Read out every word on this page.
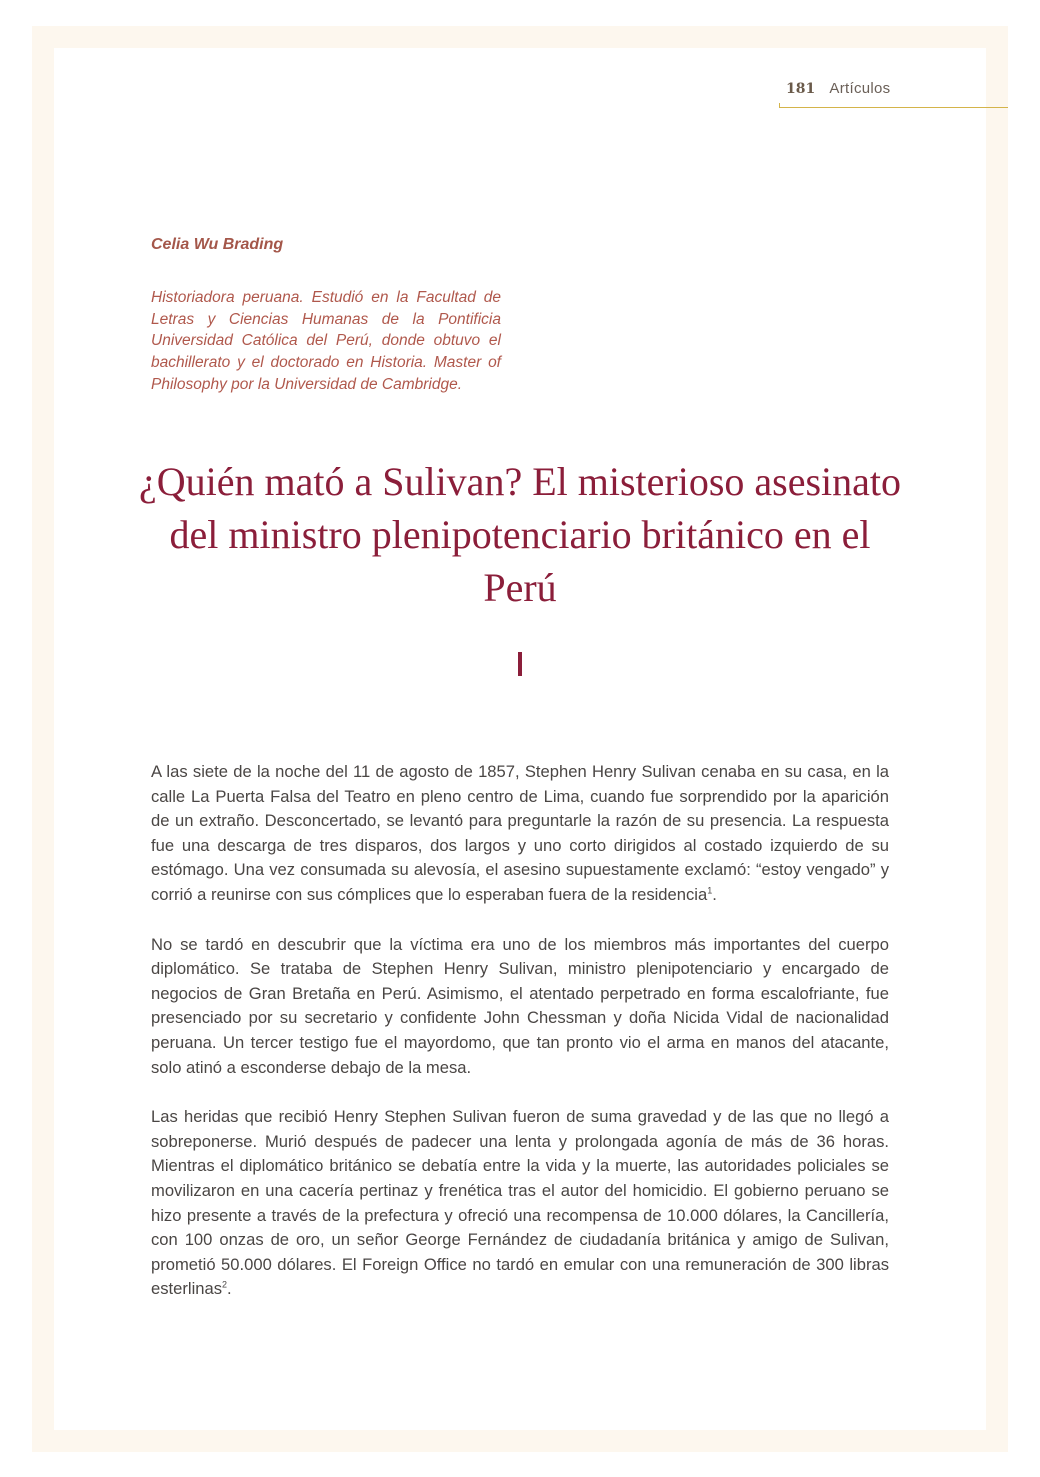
181 Artículos
Celia Wu Brading
Historiadora peruana. Estudió en la Facultad de Letras y Ciencias Humanas de la Pontificia Universidad Católica del Perú, donde obtuvo el bachillerato y el doctorado en Historia. Master of Philosophy por la Universidad de Cambridge.
¿Quién mató a Sulivan? El misterioso asesinato del ministro plenipotenciario británico en el Perú

A las siete de la noche del 11 de agosto de 1857, Stephen Henry Sulivan cenaba en su casa, en la calle La Puerta Falsa del Teatro en pleno centro de Lima, cuando fue sorprendido por la aparición de un extraño. Desconcertado, se levantó para preguntarle la razón de su presencia. La respuesta fue una descarga de tres disparos, dos largos y uno corto dirigidos al costado izquierdo de su estómago. Una vez consumada su alevosía, el asesino supuestamente exclamó: “estoy vengado” y corrió a reunirse con sus cómplices que lo esperaban fuera de la residencia$^1$.

No se tardó en descubrir que la víctima era uno de los miembros más importantes del cuerpo diplomático. Se trataba de Stephen Henry Sulivan, ministro plenipotenciario y encargado de negocios de Gran Bretaña en Perú. Asimismo, el atentado perpetrado en forma escalofriante, fue presenciado por su secretario y confidente John Chessman y doña Nicida Vidal de nacionalidad peruana. Un tercer testigo fue el mayordomo, que tan pronto vio el arma en manos del atacante, solo atinó a esconderse debajo de la mesa.

Las heridas que recibió Henry Stephen Sulivan fueron de suma gravedad y de las que no llegó a sobreponerse. Murió después de padecer una lenta y prolongada agonía de más de 36 horas. Mientras el diplomático británico se debatía entre la vida y la muerte, las autoridades policiales se movilizaron en una cacería pertinaz y frenética tras el autor del homicidio. El gobierno peruano se hizo presente a través de la prefectura y ofreció una recompensa de 10.000 dólares, la Cancillería, con 100 onzas de oro, un señor George Fernández de ciudadanía británica y amigo de Sulivan, prometió 50.000 dólares. El Foreign Office no tardó en emular con una remuneración de 300 libras esterlinas$^2$.
